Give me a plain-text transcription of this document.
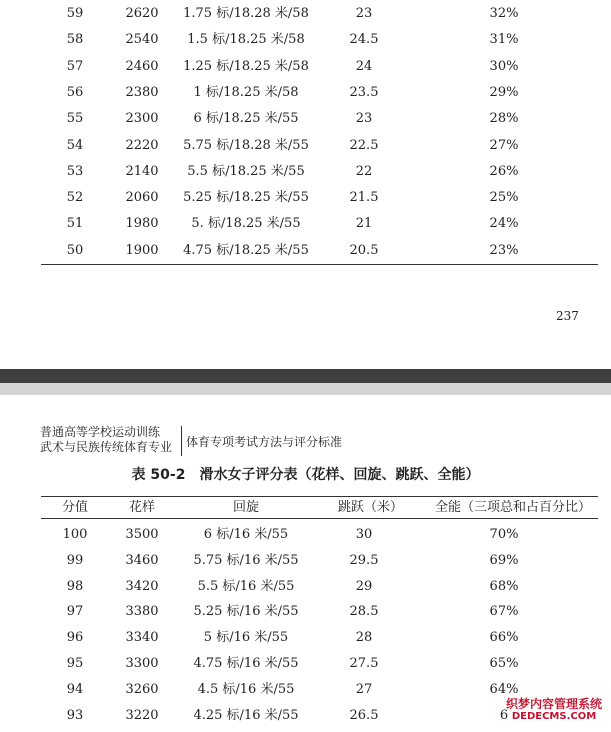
59	2620	1.75 标/18.28 米/58	23	32%
58	2540	1.5 标/18.25 米/58	24.5	31%
57	2460	1.25 标/18.25 米/58	24	30%
56	2380	1 标/18.25 米/58	23.5	29%
55	2300	6 标/18.25 米/55	23	28%
54	2220	5.75 标/18.28 米/55	22.5	27%
53	2140	5.5 标/18.25 米/55	22	26%
52	2060	5.25 标/18.25 米/55	21.5	25%
51	1980	5. 标/18.25 米/55	21	24%
50	1900	4.75 标/18.25 米/55	20.5	23%
237
普通高等学校运动训练
武术与民族传统体育专业 体育专项考试方法与评分标准
表 50-2　滑水女子评分表（花样、回旋、跳跃、全能）
分值	花样	回旋	跳跃（米）	全能（三项总和占百分比）
100	3500	6 标/16 米/55	30	70%
99	3460	5.75 标/16 米/55	29.5	69%
98	3420	5.5 标/16 米/55	29	68%
97	3380	5.25 标/16 米/55	28.5	67%
96	3340	5 标/16 米/55	28	66%
95	3300	4.75 标/16 米/55	27.5	65%
94	3260	4.5 标/16 米/55	27	64%
93	3220	4.25 标/16 米/55	26.5	6
织梦内容管理系统
DEDECMS.COM
